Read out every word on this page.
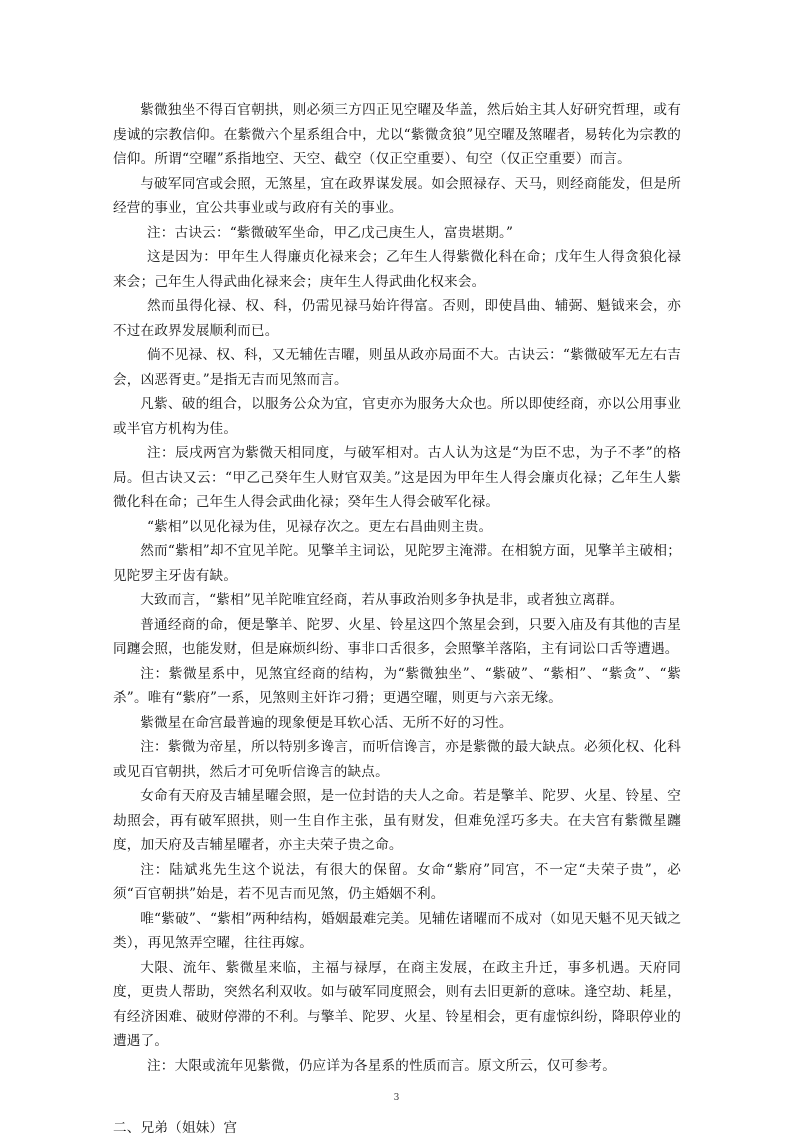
紫微独坐不得百官朝拱，则必须三方四正见空曜及华盖，然后始主其人好研究哲理，或有虔诚的宗教信仰。在紫微六个星系组合中，尤以“紫微贪狼”见空曜及煞曜者，易转化为宗教的信仰。所谓“空曜”系指地空、天空、截空（仅正空重要）、旬空（仅正空重要）而言。

与破军同宫或会照，无煞星，宜在政界谋发展。如会照禄存、天马，则经商能发，但是所经营的事业，宜公共事业或与政府有关的事业。

注：古诀云：“紫微破军坐命，甲乙戊己庚生人，富贵堪期。”

这是因为：甲年生人得廉贞化禄来会；乙年生人得紫微化科在命；戊年生人得贪狼化禄来会；己年生人得武曲化禄来会；庚年生人得武曲化权来会。

然而虽得化禄、权、科，仍需见禄马始许得富。否则，即使昌曲、辅弼、魁钺来会，亦不过在政界发展顺利而已。

倘不见禄、权、科，又无辅佐吉曜，则虽从政亦局面不大。古诀云：“紫微破军无左右吉会，凶恶胥吏。”是指无吉而见煞而言。

凡紫、破的组合，以服务公众为宜，官吏亦为服务大众也。所以即使经商，亦以公用事业或半官方机构为佳。

注：辰戌两宫为紫微天相同度，与破军相对。古人认为这是“为臣不忠，为子不孝”的格局。但古诀又云：“甲乙己癸年生人财官双美。”这是因为甲年生人得会廉贞化禄；乙年生人紫微化科在命；己年生人得会武曲化禄；癸年生人得会破军化禄。

“紫相”以见化禄为佳，见禄存次之。更左右昌曲则主贵。

然而“紫相”却不宜见羊陀。见擎羊主词讼，见陀罗主淹滞。在相貌方面，见擎羊主破相；见陀罗主牙齿有缺。

大致而言，“紫相”见羊陀唯宜经商，若从事政治则多争执是非，或者独立离群。

普通经商的命，便是擎羊、陀罗、火星、铃星这四个煞星会到，只要入庙及有其他的吉星同躔会照，也能发财，但是麻烦纠纷、事非口舌很多，会照擎羊落陷，主有词讼口舌等遭遇。

注：紫微星系中，见煞宜经商的结构，为“紫微独坐”、“紫破”、“紫相”、“紫贪”、“紫杀”。唯有“紫府”一系，见煞则主奸诈刁猾；更遇空曜，则更与六亲无缘。

紫微星在命宫最普遍的现象便是耳软心活、无所不好的习性。

注：紫微为帝星，所以特别多谗言，而听信谗言，亦是紫微的最大缺点。必须化权、化科或见百官朝拱，然后才可免听信谗言的缺点。

女命有天府及吉辅星曜会照，是一位封诰的夫人之命。若是擎羊、陀罗、火星、铃星、空劫照会，再有破军照拱，则一生自作主张，虽有财发，但难免淫巧多夫。在夫宫有紫微星躔度，加天府及吉辅星曜者，亦主夫荣子贵之命。

注：陆斌兆先生这个说法，有很大的保留。女命“紫府”同宫，不一定“夫荣子贵”，必须“百官朝拱”始是，若不见吉而见煞，仍主婚姻不利。

唯“紫破”、“紫相”两种结构，婚姻最难完美。见辅佐诸曜而不成对（如见天魁不见天钺之类），再见煞弄空曜，往往再嫁。

大限、流年、紫微星来临，主福与禄厚，在商主发展，在政主升迁，事多机遇。天府同度，更贵人帮助，突然名利双收。如与破军同度照会，则有去旧更新的意味。逢空劫、耗星，有经济困难、破财停滞的不利。与擎羊、陀罗、火星、铃星相会，更有虚惊纠纷，降职停业的遭遇了。

注：大限或流年见紫微，仍应详为各星系的性质而言。原文所云，仅可参考。

二、兄弟（姐妹）宫

3
